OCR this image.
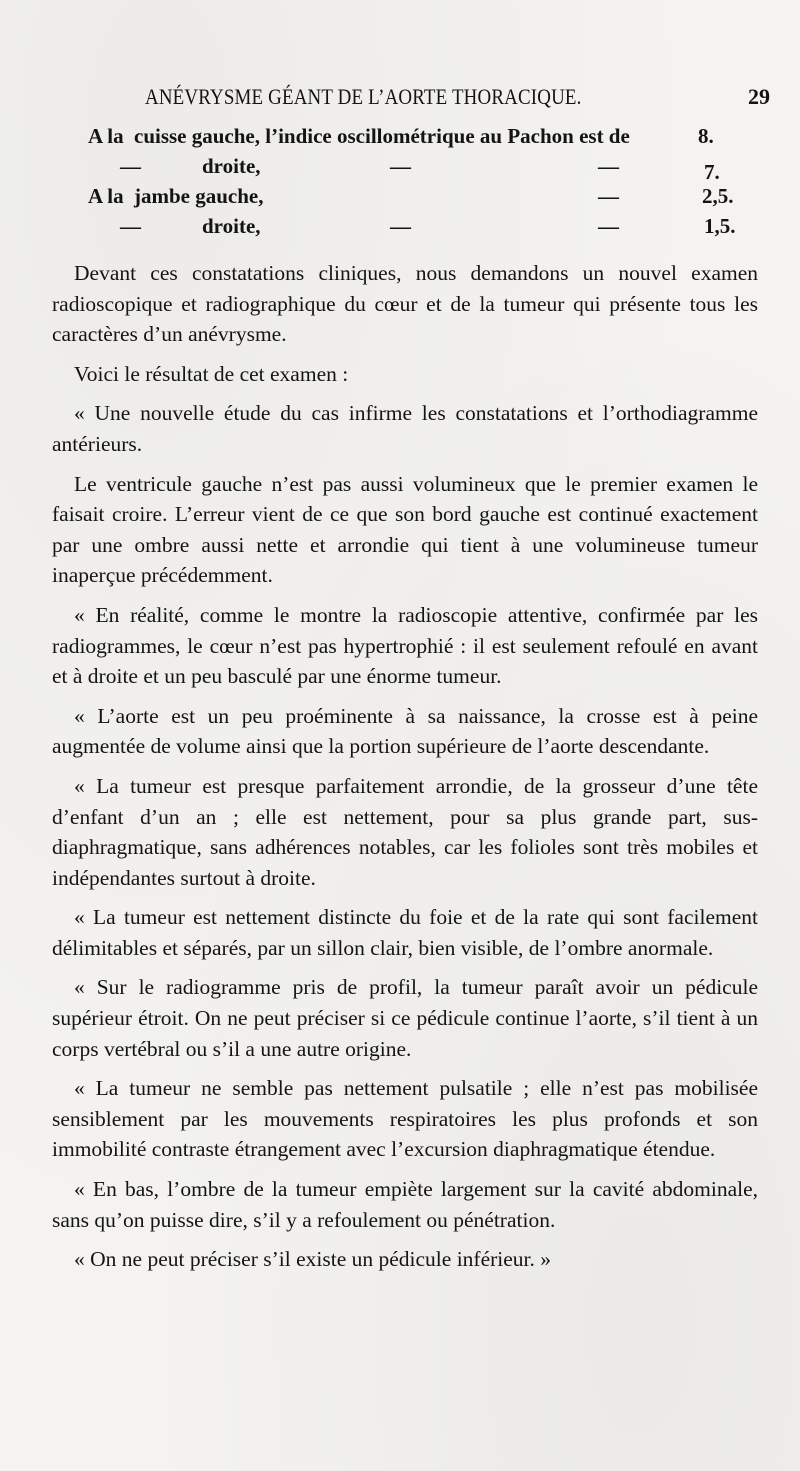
ANÉVRYSME GÉANT DE L’AORTE THORACIQUE.	29
A la cuisse gauche, l’indice oscillométrique au Pachon est de	8.
—	droite,	—	—	7.
A la jambe gauche,	—	2,5.
—	droite,	—	—	1,5.

Devant ces constatations cliniques, nous demandons un nouvel examen radioscopique et radiographique du cœur et de la tumeur qui présente tous les caractères d’un anévrysme.

Voici le résultat de cet examen :

« Une nouvelle étude du cas infirme les constatations et l’orthodiagramme antérieurs.

Le ventricule gauche n’est pas aussi volumineux que le premier examen le faisait croire. L’erreur vient de ce que son bord gauche est continué exactement par une ombre aussi nette et arrondie qui tient à une volumineuse tumeur inaperçue précédemment.

« En réalité, comme le montre la radioscopie attentive, confirmée par les radiogrammes, le cœur n’est pas hypertrophié : il est seulement refoulé en avant et à droite et un peu basculé par une énorme tumeur.

« L’aorte est un peu proéminente à sa naissance, la crosse est à peine augmentée de volume ainsi que la portion supérieure de l’aorte descendante.

« La tumeur est presque parfaitement arrondie, de la grosseur d’une tête d’enfant d’un an ; elle est nettement, pour sa plus grande part, sus-diaphragmatique, sans adhérences notables, car les folioles sont très mobiles et indépendantes surtout à droite.

« La tumeur est nettement distincte du foie et de la rate qui sont facilement délimitables et séparés, par un sillon clair, bien visible, de l’ombre anormale.

« Sur le radiogramme pris de profil, la tumeur paraît avoir un pédicule supérieur étroit. On ne peut préciser si ce pédicule continue l’aorte, s’il tient à un corps vertébral ou s’il a une autre origine.

« La tumeur ne semble pas nettement pulsatile ; elle n’est pas mobilisée sensiblement par les mouvements respiratoires les plus profonds et son immobilité contraste étrangement avec l’excursion diaphragmatique étendue.

« En bas, l’ombre de la tumeur empiète largement sur la cavité abdominale, sans qu’on puisse dire, s’il y a refoulement ou pénétration.

« On ne peut préciser s’il existe un pédicule inférieur. »
